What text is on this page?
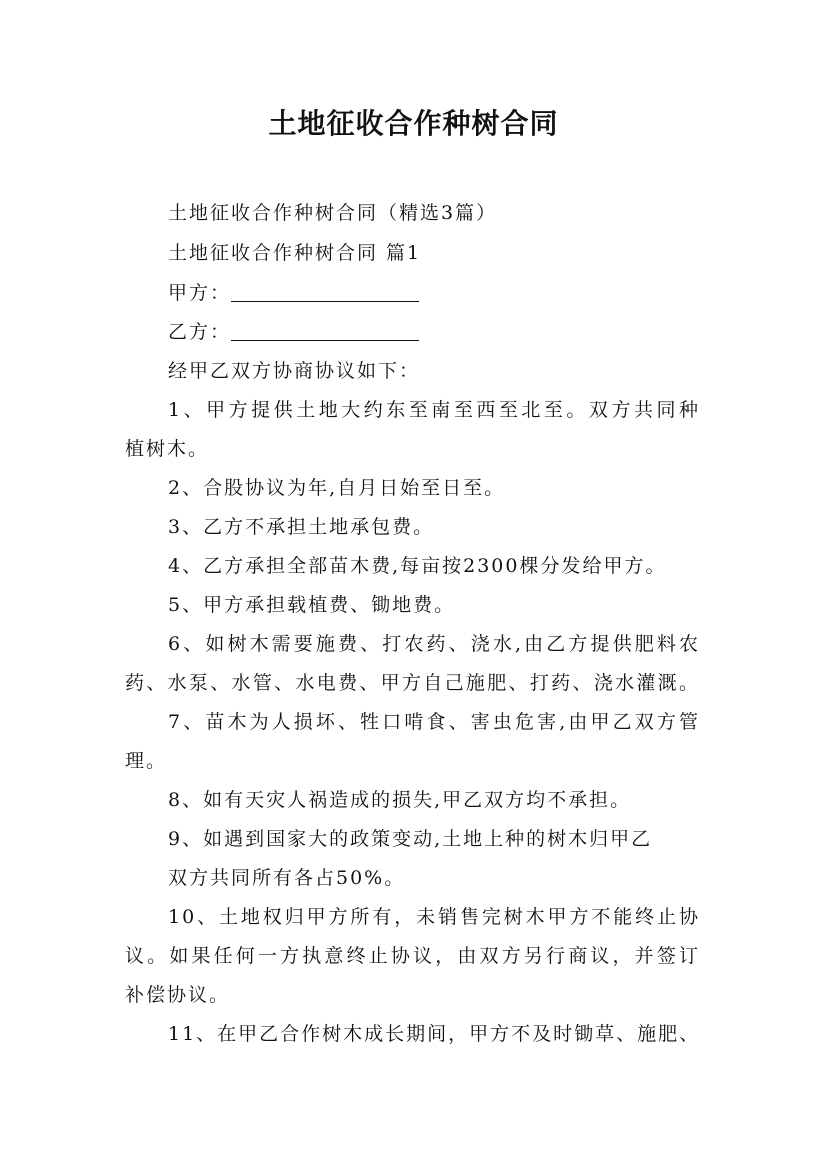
土地征收合作种树合同
土地征收合作种树合同（精选3篇）
土地征收合作种树合同 篇1
甲方：
乙方：
经甲乙双方协商协议如下：
1、甲方提供土地大约东至南至西至北至。双方共同种
植树木。
2、合股协议为年,自月日始至日至。
3、乙方不承担土地承包费。
4、乙方承担全部苗木费,每亩按2300棵分发给甲方。
5、甲方承担载植费、锄地费。
6、如树木需要施费、打农药、浇水,由乙方提供肥料农
药、水泵、水管、水电费、甲方自己施肥、打药、浇水灌溉。
7、苗木为人损坏、牲口啃食、害虫危害,由甲乙双方管
理。
8、如有天灾人祸造成的损失,甲乙双方均不承担。
9、如遇到国家大的政策变动,土地上种的树木归甲乙
双方共同所有各占50%。
10、土地权归甲方所有，未销售完树木甲方不能终止协
议。如果任何一方执意终止协议，由双方另行商议，并签订
补偿协议。
11、在甲乙合作树木成长期间，甲方不及时锄草、施肥、
